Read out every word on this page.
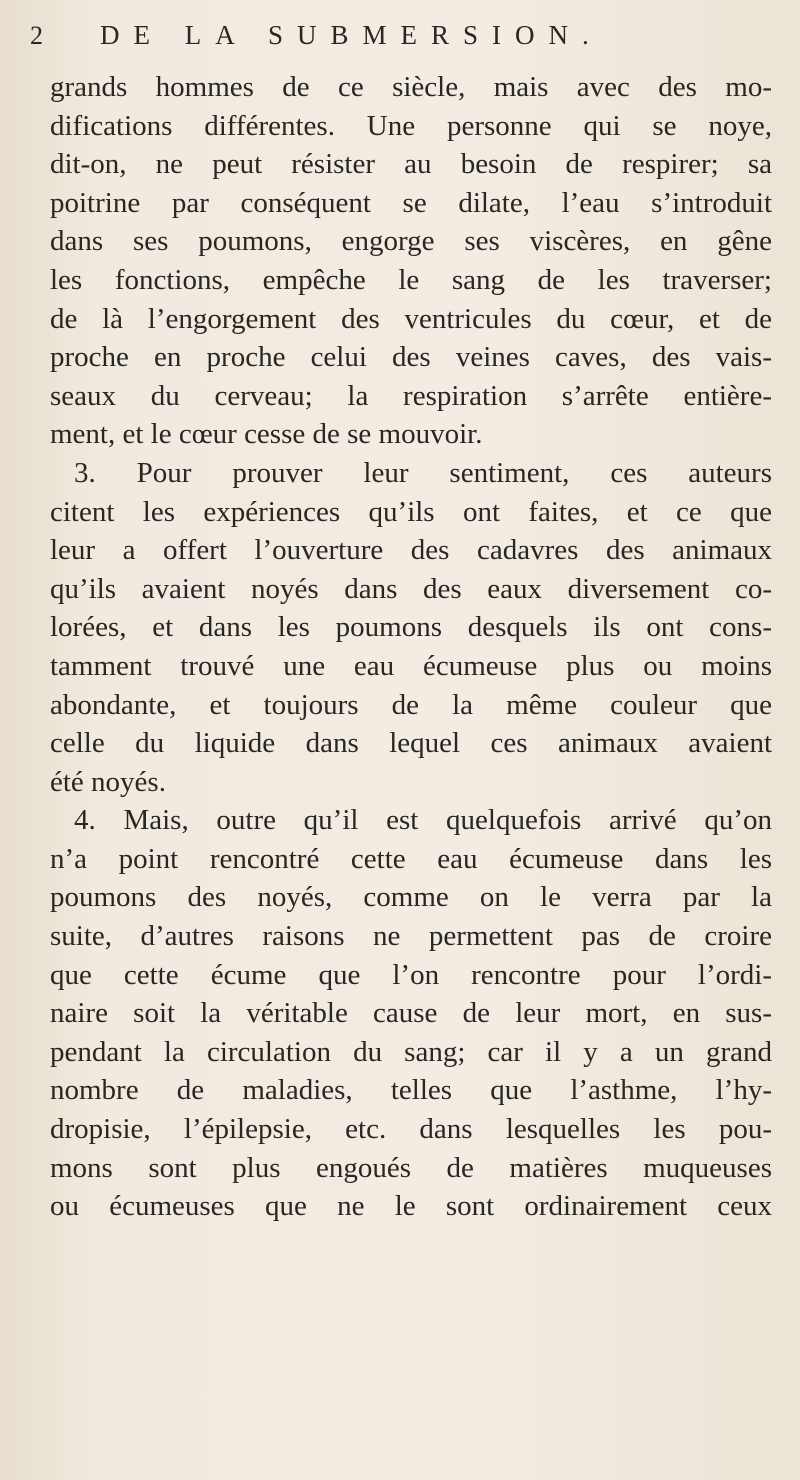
2	DE LA SUBMERSION.
grands hommes de ce siècle, mais avec des mo-
difications différentes. Une personne qui se noye,
dit-on, ne peut résister au besoin de respirer; sa
poitrine par conséquent se dilate, l’eau s’introduit
dans ses poumons, engorge ses viscères, en gêne
les fonctions, empêche le sang de les traverser;
de là l’engorgement des ventricules du cœur, et de
proche en proche celui des veines caves, des vais-
seaux du cerveau; la respiration s’arrête entière-
ment, et le cœur cesse de se mouvoir.
3. Pour prouver leur sentiment, ces auteurs
citent les expériences qu’ils ont faites, et ce que
leur a offert l’ouverture des cadavres des animaux
qu’ils avaient noyés dans des eaux diversement co-
lorées, et dans les poumons desquels ils ont cons-
tamment trouvé une eau écumeuse plus ou moins
abondante, et toujours de la même couleur que
celle du liquide dans lequel ces animaux avaient
été noyés.
4. Mais, outre qu’il est quelquefois arrivé qu’on
n’a point rencontré cette eau écumeuse dans les
poumons des noyés, comme on le verra par la
suite, d’autres raisons ne permettent pas de croire
que cette écume que l’on rencontre pour l’ordi-
naire soit la véritable cause de leur mort, en sus-
pendant la circulation du sang; car il y a un grand
nombre de maladies, telles que l’asthme, l’hy-
dropisie, l’épilepsie, etc. dans lesquelles les pou-
mons sont plus engoués de matières muqueuses
ou écumeuses que ne le sont ordinairement ceux
